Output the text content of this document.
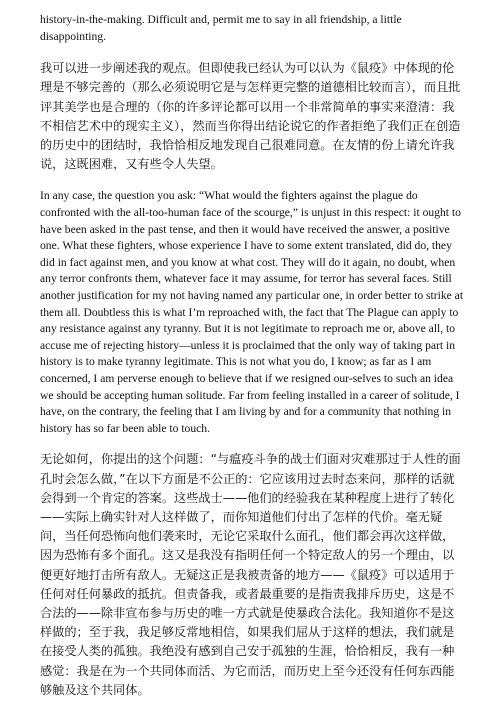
history-in-the-making. Difficult and, permit me to say in all friendship, a little disappointing.

我可以进一步阐述我的观点。但即使我已经认为可以认为《鼠疫》中体现的伦理是不够完善的（那么必须说明它是与怎样更完整的道德相比较而言），而且批评其美学也是合理的（你的许多评论都可以用一个非常简单的事实来澄清：我不相信艺术中的现实主义），然而当你得出结论说它的作者拒绝了我们正在创造的历史中的团结时，我恰恰相反地发现自己很难同意。在友情的份上请允许我说，这既困难，又有些令人失望。

In any case, the question you ask: “What would the fighters against the plague do confronted with the all-too-human face of the scourge,” is unjust in this respect: it ought to have been asked in the past tense, and then it would have received the answer, a positive one. What these fighters, whose experience I have to some extent translated, did do, they did in fact against men, and you know at what cost. They will do it again, no doubt, when any terror confronts them, whatever face it may assume, for terror has several faces. Still another justification for my not having named any particular one, in order better to strike at them all. Doubtless this is what I’m reproached with, the fact that The Plague can apply to any resistance against any tyranny. But it is not legitimate to reproach me or, above all, to accuse me of rejecting history—unless it is proclaimed that the only way of taking part in history is to make tyranny legitimate. This is not what you do, I know; as far as I am concerned, I am perverse enough to believe that if we resigned our-selves to such an idea we should be accepting human solitude. Far from feeling installed in a career of solitude, I have, on the contrary, the feeling that I am living by and for a community that nothing in history has so far been able to touch.

无论如何，你提出的这个问题：“与瘟疫斗争的战士们面对灾难那过于人性的面孔时会怎么做，”在以下方面是不公正的：它应该用过去时态来问，那样的话就会得到一个肯定的答案。这些战士——他们的经验我在某种程度上进行了转化——实际上确实针对人这样做了，而你知道他们付出了怎样的代价。毫无疑问，当任何恐怖向他们袭来时，无论它采取什么面孔，他们都会再次这样做，因为恐怖有多个面孔。这又是我没有指明任何一个特定敌人的另一个理由，以便更好地打击所有敌人。无疑这正是我被责备的地方——《鼠疫》可以适用于任何对任何暴政的抵抗。但责备我，或者最重要的是指责我排斥历史，这是不合法的——除非宣布参与历史的唯一方式就是使暴政合法化。我知道你不是这样做的；至于我，我足够反常地相信，如果我们屈从于这样的想法，我们就是在接受人类的孤独。我绝没有感到自己安于孤独的生涯，恰恰相反，我有一种感觉：我是在为一个共同体而活、为它而活，而历史上至今还没有任何东西能够触及这个共同体。
